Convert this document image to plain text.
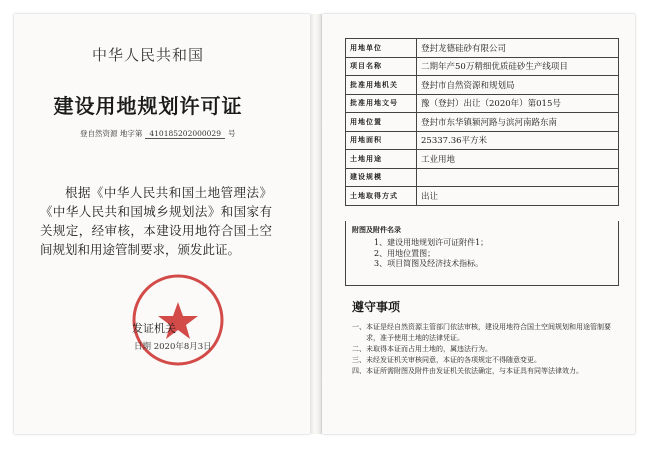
中华人民共和国
建设用地规划许可证
登自然资源 地字第 410185202000029 号
根据《中华人民共和国土地管理法》《中华人民共和国城乡规划法》和国家有关规定，经审核，本建设用地符合国土空间规划和用途管制要求，颁发此证。
发证机关
日期 2020年8月3日
用地单位	登封龙德硅砂有限公司
项目名称	二期年产50万精细优质硅砂生产线项目
批准用地机关	登封市自然资源和规划局
批准用地文号	豫（登封）出让（2020年）第015号
用地位置	登封市东华镇颍河路与滨河南路东南
用地面积	25337.36平方米
土地用途	工业用地
建设规模	
土地取得方式	出让
附图及附件名录
1、建设用地规划许可证附件1；
2、用地位置图；
3、项目简图及经济技术指标。
遵守事项
一、 本证是经自然资源主管部门依法审核，建设用地符合国土空间规划和用途管制要求，准予使用土地的法律凭证。
二、 未取得本证而占用土地的，属违法行为。
三、 未经发证机关审核同意，本证的各项规定不得随意变更。
四、 本证所需附图及附件由发证机关依法确定，与本证具有同等法律效力。
